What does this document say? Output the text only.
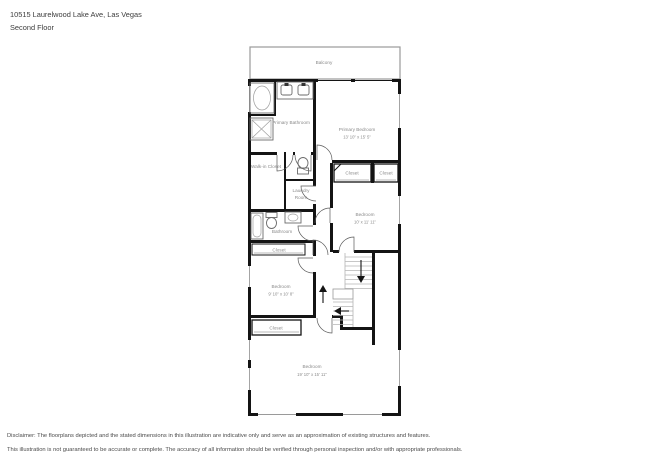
10515 Laurelwood Lake Ave, Las Vegas
Second Floor
Balcony
Primary Bathroom
Primary Bedroom
13' 10" x 15' 5"
Walk-in Closet
Closet	Closet
Laundry
Room
Bedroom
10' x 11' 11"
Bathroom
Closet
Bedroom
9' 10" x 10' 8"
Closet
Bedroom
19' 10" x 15' 11"
Disclaimer: The floorplans depicted and the stated dimensions in this illustration are indicative only and serve as an approximation of existing structures and features.
This illustration is not guaranteed to be accurate or complete. The accuracy of all information should be verified through personal inspection and/or with appropriate professionals.
